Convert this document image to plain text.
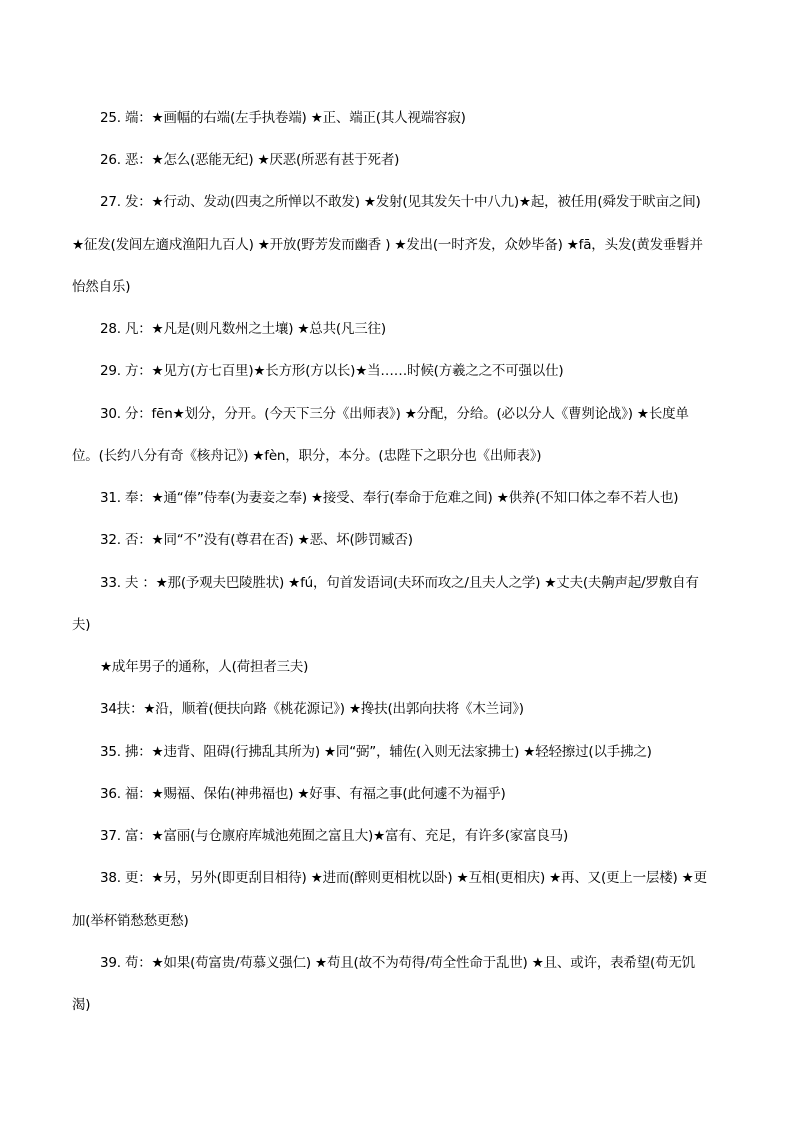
25. 端：★画幅的右端(左手执卷端) ★正、端正(其人视端容寂)
26. 恶：★怎么(恶能无纪) ★厌恶(所恶有甚于死者)
27. 发：★行动、发动(四夷之所惮以不敢发) ★发射(见其发矢十中八九)★起，被任用(舜发于畎亩之间)
★征发(发闾左適戍渔阳九百人) ★开放(野芳发而幽香 ) ★发出(一时齐发，众妙毕备) ★fā，头发(黄发垂髫并
怡然自乐)
28. 凡：★凡是(则凡数州之土壤) ★总共(凡三往)
29. 方：★见方(方七百里)★长方形(方以长)★当……时候(方羲之之不可强以仕)
30. 分：fēn★划分，分开。(今天下三分《出师表》) ★分配，分给。(必以分人《曹刿论战》) ★长度单
位。(长约八分有奇《核舟记》) ★fèn，职分，本分。(忠陛下之职分也《出师表》)
31. 奉：★通“俸”侍奉(为妻妾之奉) ★接受、奉行(奉命于危难之间) ★供养(不知口体之奉不若人也)
32. 否：★同“不”没有(尊君在否) ★恶、坏(陟罚臧否)
33. 夫 ：★那(予观夫巴陵胜状) ★fú，句首发语词(夫环而攻之/且夫人之学) ★丈夫(夫齁声起/罗敷自有
夫)
★成年男子的通称，人(荷担者三夫)
34扶：★沿，顺着(便扶向路《桃花源记》) ★搀扶(出郭向扶将《木兰词》)
35. 拂：★违背、阻碍(行拂乱其所为) ★同“弼”，辅佐(入则无法家拂士) ★轻轻擦过(以手拂之)
36. 福：★赐福、保佑(神弗福也) ★好事、有福之事(此何遽不为福乎)
37. 富：★富丽(与仓廪府库城池苑囿之富且大)★富有、充足，有许多(家富良马)
38. 更：★另，另外(即更刮目相待) ★进而(醉则更相枕以卧) ★互相(更相庆) ★再、又(更上一层楼) ★更
加(举杯销愁愁更愁)
39. 苟：★如果(苟富贵/苟慕义强仁) ★苟且(故不为苟得/苟全性命于乱世) ★且、或许，表希望(苟无饥
渴)
